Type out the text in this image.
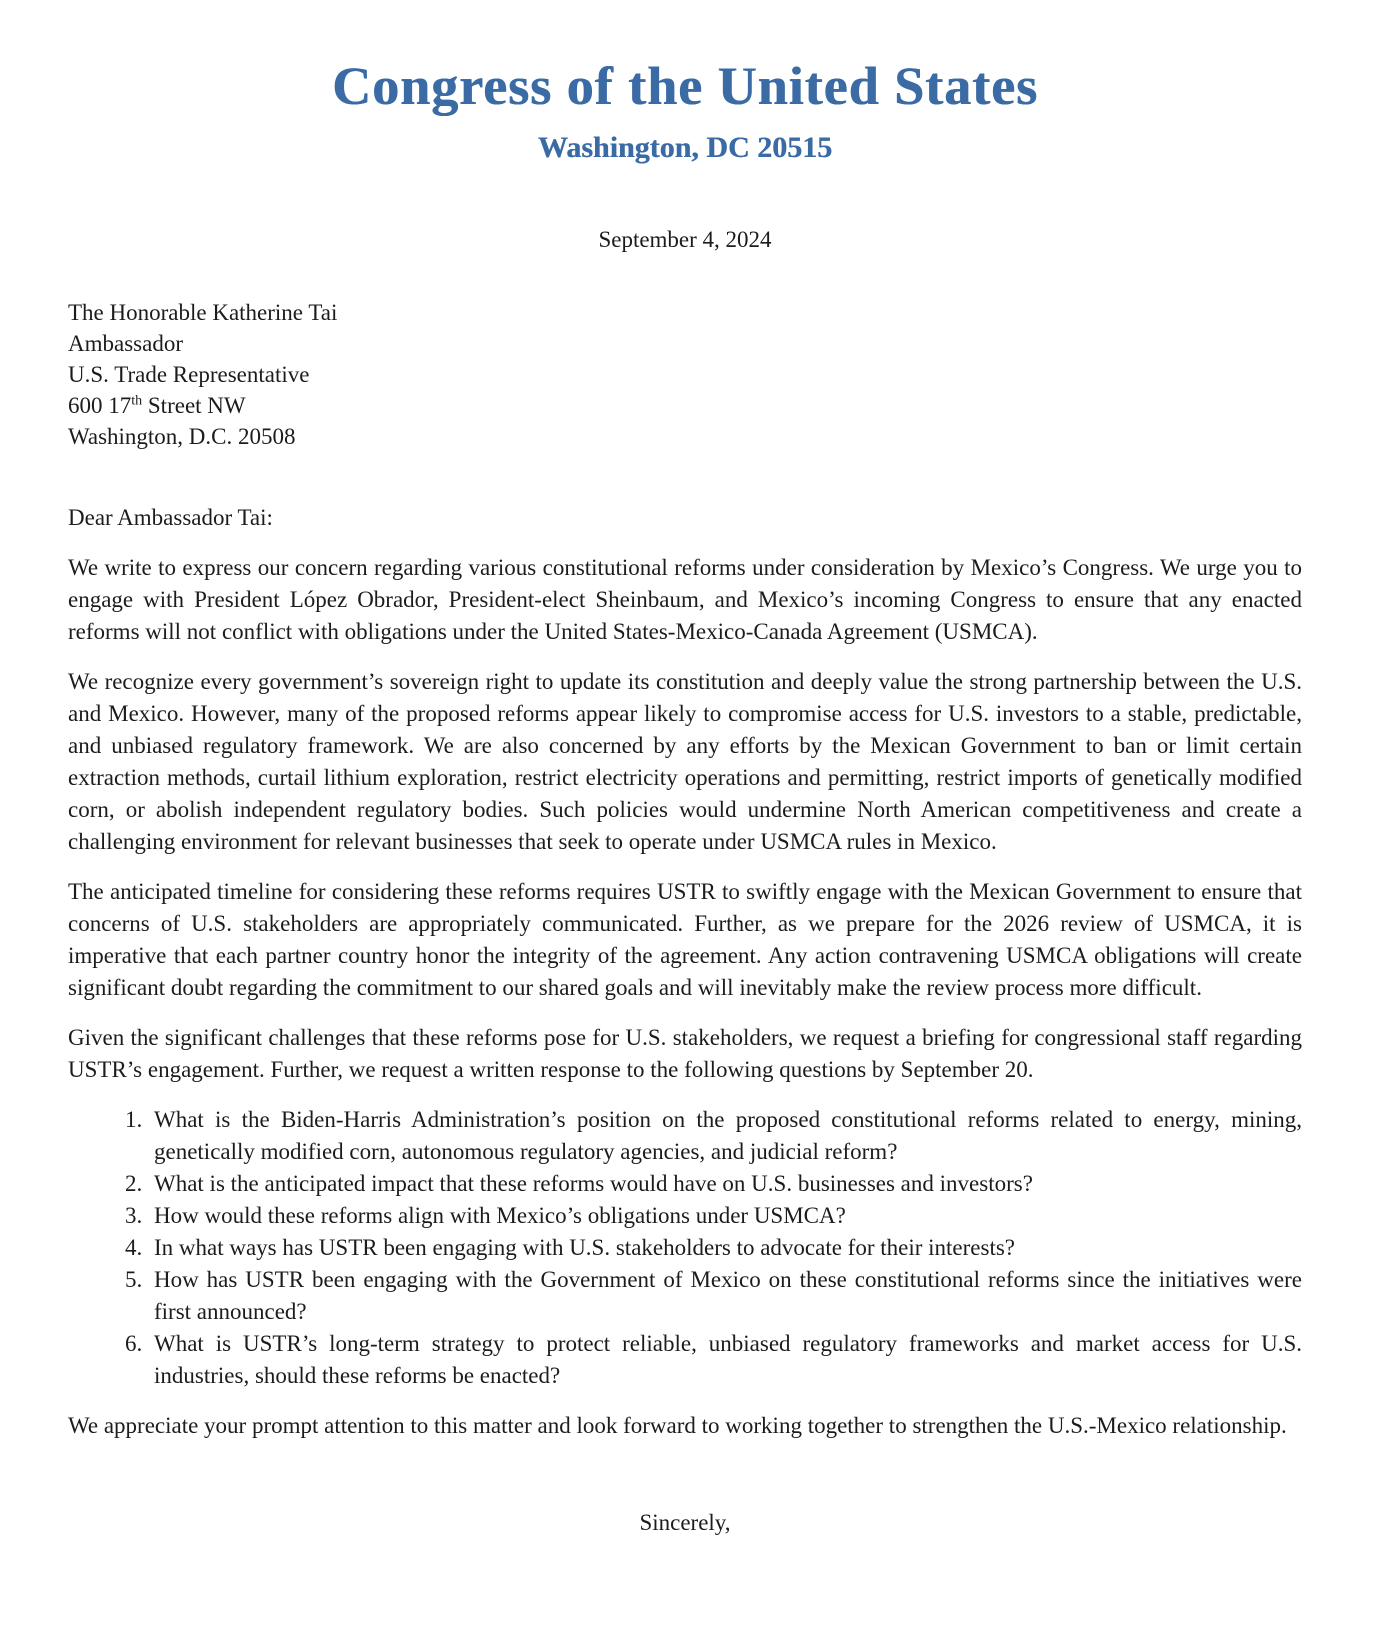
Congress of the United States
Washington, DC 20515
September 4, 2024
The Honorable Katherine Tai
Ambassador
U.S. Trade Representative
600 17th Street NW
Washington, D.C. 20508
Dear Ambassador Tai:

We write to express our concern regarding various constitutional reforms under consideration by Mexico’s Congress. We urge you to engage with President López Obrador, President-elect Sheinbaum, and Mexico’s incoming Congress to ensure that any enacted reforms will not conflict with obligations under the United States-Mexico-Canada Agreement (USMCA).

We recognize every government’s sovereign right to update its constitution and deeply value the strong partnership between the U.S. and Mexico. However, many of the proposed reforms appear likely to compromise access for U.S. investors to a stable, predictable, and unbiased regulatory framework. We are also concerned by any efforts by the Mexican Government to ban or limit certain extraction methods, curtail lithium exploration, restrict electricity operations and permitting, restrict imports of genetically modified corn, or abolish independent regulatory bodies. Such policies would undermine North American competitiveness and create a challenging environment for relevant businesses that seek to operate under USMCA rules in Mexico.

The anticipated timeline for considering these reforms requires USTR to swiftly engage with the Mexican Government to ensure that concerns of U.S. stakeholders are appropriately communicated. Further, as we prepare for the 2026 review of USMCA, it is imperative that each partner country honor the integrity of the agreement. Any action contravening USMCA obligations will create significant doubt regarding the commitment to our shared goals and will inevitably make the review process more difficult.

Given the significant challenges that these reforms pose for U.S. stakeholders, we request a briefing for congressional staff regarding USTR’s engagement. Further, we request a written response to the following questions by September 20.

1. What is the Biden-Harris Administration’s position on the proposed constitutional reforms related to energy, mining, genetically modified corn, autonomous regulatory agencies, and judicial reform?
2. What is the anticipated impact that these reforms would have on U.S. businesses and investors?
3. How would these reforms align with Mexico’s obligations under USMCA?
4. In what ways has USTR been engaging with U.S. stakeholders to advocate for their interests?
5. How has USTR been engaging with the Government of Mexico on these constitutional reforms since the initiatives were first announced?
6. What is USTR’s long-term strategy to protect reliable, unbiased regulatory frameworks and market access for U.S. industries, should these reforms be enacted?

We appreciate your prompt attention to this matter and look forward to working together to strengthen the U.S.-Mexico relationship.

Sincerely,
